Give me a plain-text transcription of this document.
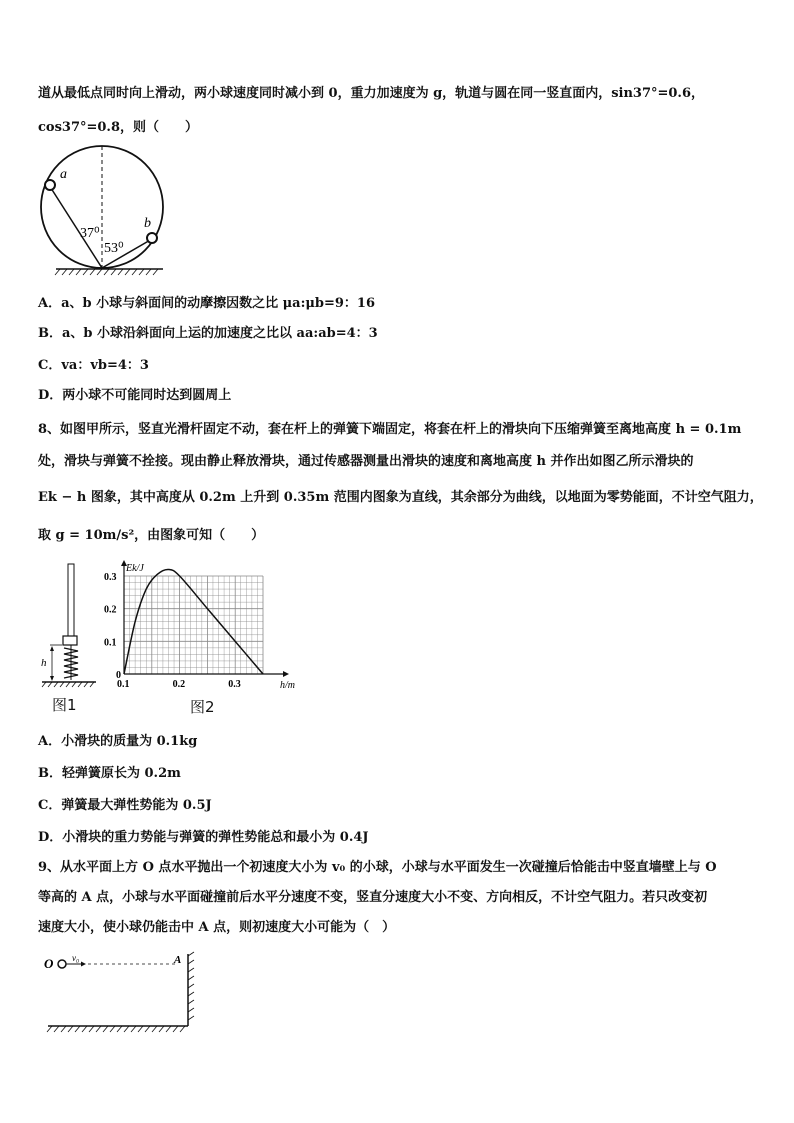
道从最低点同时向上滑动，两小球速度同时减小到 0，重力加速度为 g，轨道与圆在同一竖直面内，sin37°=0.6，
cos37°=0.8，则（　　）
a
b
37⁰
53⁰
A．a、b 小球与斜面间的动摩擦因数之比 μa:μb=9：16
B．a、b 小球沿斜面向上运的加速度之比以 aa:ab=4：3
C．va：vb=4：3
D．两小球不可能同时达到圆周上
8、如图甲所示，竖直光滑杆固定不动，套在杆上的弹簧下端固定，将套在杆上的滑块向下压缩弹簧至离地高度 h = 0.1m
处，滑块与弹簧不拴接。现由静止释放滑块，通过传感器测量出滑块的速度和离地高度 h 并作出如图乙所示滑块的
Ek − h 图象，其中高度从 0.2m 上升到 0.35m 范围内图象为直线，其余部分为曲线，以地面为零势能面，不计空气阻力，
取 g = 10m/s²，由图象可知（　　）
h
图1
0.1	0.2	0.3
0
0.1
0.2
0.3
Ek/J
h/m
图2
A．小滑块的质量为 0.1kg
B．轻弹簧原长为 0.2m
C．弹簧最大弹性势能为 0.5J
D．小滑块的重力势能与弹簧的弹性势能总和最小为 0.4J
9、从水平面上方 O 点水平抛出一个初速度大小为 v₀ 的小球，小球与水平面发生一次碰撞后恰能击中竖直墙壁上与 O
等高的 A 点，小球与水平面碰撞前后水平分速度不变，竖直分速度大小不变、方向相反，不计空气阻力。若只改变初
速度大小，使小球仍能击中 A 点，则初速度大小可能为（　）
O v₀	A
